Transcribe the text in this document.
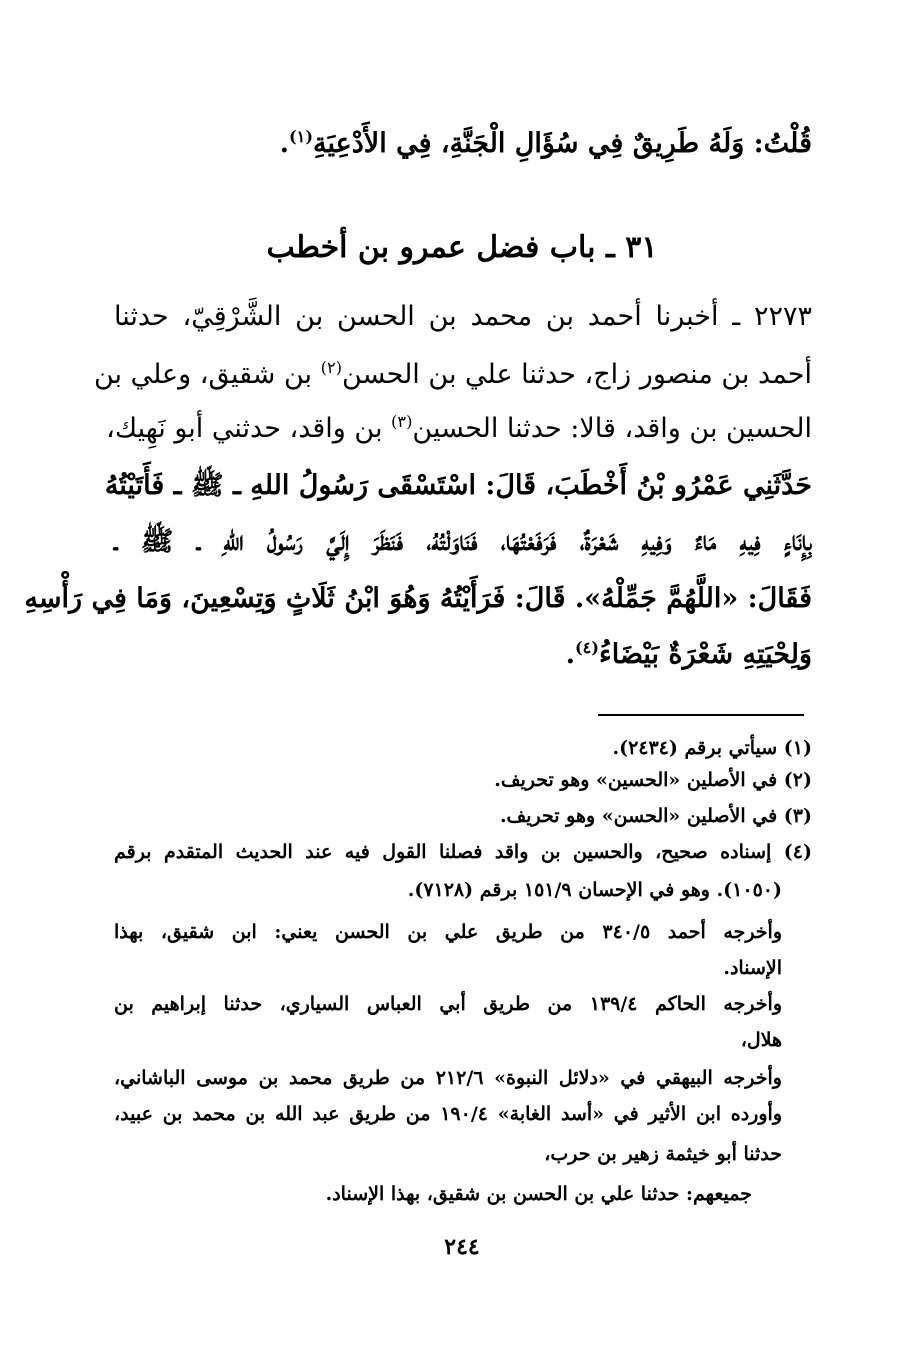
قُلْتُ: وَلَهُ طَرِيقٌ فِي سُؤَالِ الْجَنَّةِ، فِي الأَدْعِيَةِ$^{(١)}$.
٣١ ـ باب فضل عمرو بن أخطب
٢٢٧٣ ـ أخبرنا أحمد بن محمد بن الحسن بن الشَّرْقِيّ، حدثنا
أحمد بن منصور زاج، حدثنا علي بن الحسن$^{(٢)}$ بن شقيق، وعلي بن
الحسين بن واقد، قالا: حدثنا الحسين$^{(٣)}$ بن واقد، حدثني أبو نَهِيك،
حَدَّثَنِي عَمْرُو بْنُ أَخْطَبَ، قَالَ: اسْتَسْقَى رَسُولُ اللهِ ـ ﷺ ـ فَأَتَيْتُهُ
بِإِنَاءٍ فِيهِ مَاءٌ وَفِيهِ شَعْرَةٌ، فَرَفَعْتُهَا، فَنَاوَلْتُهُ، فَنَظَرَ إِلَيَّ رَسُولُ اللهِ ـ ﷺ ـ
فَقَالَ: «اللَّهُمَّ جَمِّلْهُ». قَالَ: فَرَأَيْتُهُ وَهُوَ ابْنُ ثَلَاثٍ وَتِسْعِينَ، وَمَا فِي رَأْسِهِ
وَلِحْيَتِهِ شَعْرَةٌ بَيْضَاءُ$^{(٤)}$.
(١) سيأتي برقم (٢٤٣٤).
(٢) في الأصلين «الحسين» وهو تحريف.
(٣) في الأصلين «الحسن» وهو تحريف.
(٤) إسناده صحيح، والحسين بن واقد فصلنا القول فيه عند الحديث المتقدم برقم
(١٠٥٠). وهو في الإحسان ١٥١/٩ برقم (٧١٢٨).
وأخرجه أحمد ٣٤٠/٥ من طريق علي بن الحسن يعني: ابن شقيق، بهذا
الإسناد.
وأخرجه الحاكم ١٣٩/٤ من طريق أبي العباس السياري، حدثنا إبراهيم بن
هلال،
وأخرجه البيهقي في «دلائل النبوة» ٢١٢/٦ من طريق محمد بن موسى الباشاني،
وأورده ابن الأثير في «أسد الغابة» ١٩٠/٤ من طريق عبد الله بن محمد بن عبيد،
حدثنا أبو خيثمة زهير بن حرب،
جميعهم: حدثنا علي بن الحسن بن شقيق، بهذا الإسناد.
٢٤٤
